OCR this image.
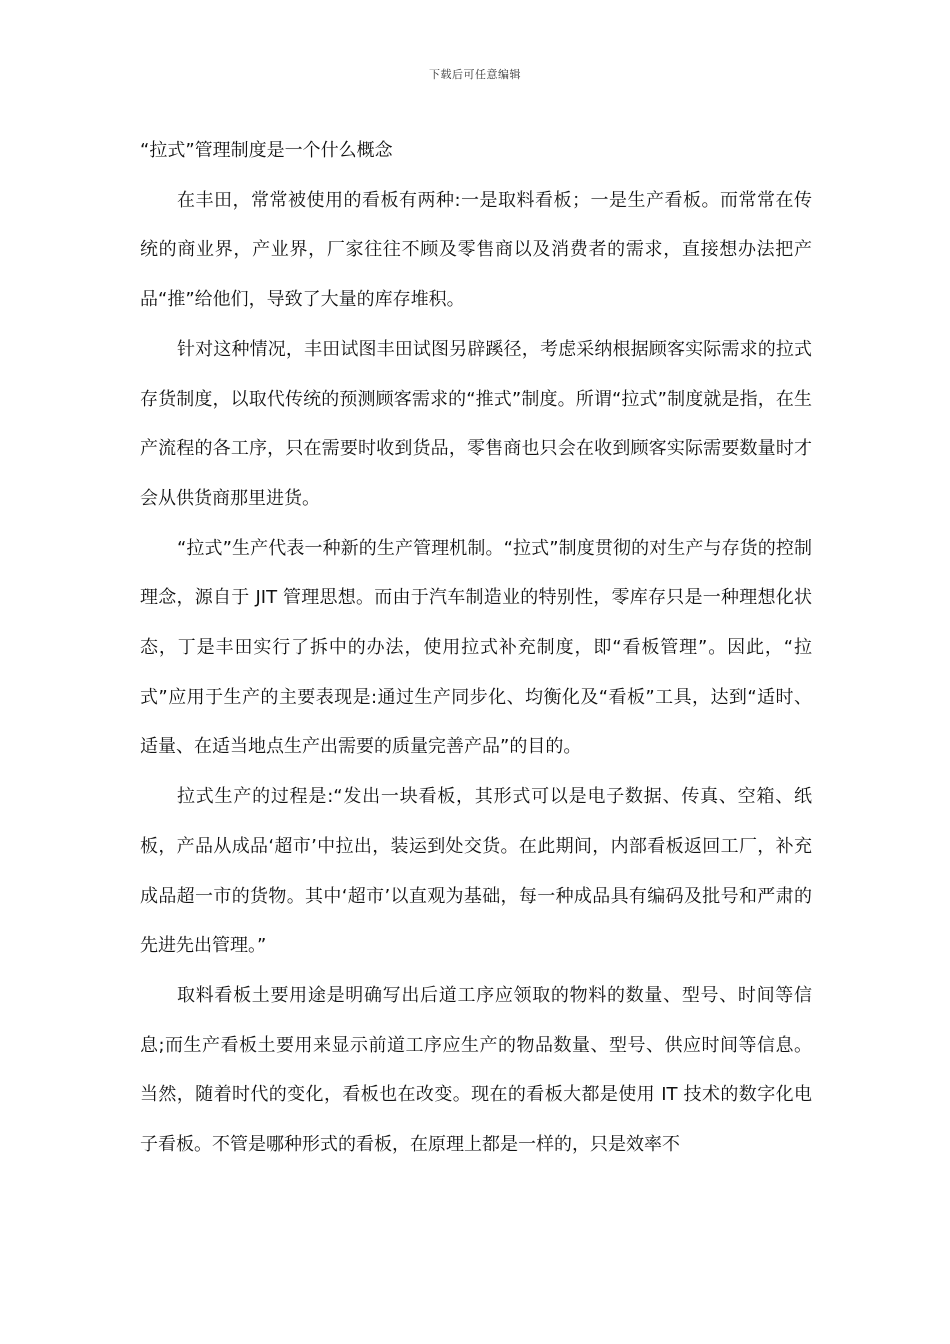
下载后可任意编辑

“拉式”管理制度是一个什么概念

在丰田，常常被使用的看板有两种:一是取料看板；一是生产看板。而常常在传统的商业界，产业界，厂家往往不顾及零售商以及消费者的需求，直接想办法把产品“推”给他们，导致了大量的库存堆积。

针对这种情况，丰田试图丰田试图另辟蹊径，考虑采纳根据顾客实际需求的拉式存货制度，以取代传统的预测顾客需求的“推式”制度。所谓“拉式”制度就是指，在生产流程的各工序，只在需要时收到货品，零售商也只会在收到顾客实际需要数量时才会从供货商那里进货。

“拉式”生产代表一种新的生产管理机制。“拉式”制度贯彻的对生产与存货的控制理念，源自于 JIT 管理思想。而由于汽车制造业的特别性，零库存只是一种理想化状态，丁是丰田实行了拆中的办法，使用拉式补充制度，即“看板管理”。因此，“拉式”应用于生产的主要表现是:通过生产同步化、均衡化及“看板”工具，达到“适时、适量、在适当地点生产出需要的质量完善产品”的目的。

拉式生产的过程是:“发出一块看板，其形式可以是电子数据、传真、空箱、纸板，产品从成品‘超市’中拉出，装运到处交货。在此期间，内部看板返回工厂，补充成品超一市的货物。其中‘超市’以直观为基础，每一种成品具有编码及批号和严肃的先进先出管理。”

取料看板土要用途是明确写出后道工序应领取的物料的数量、型号、时间等信息;而生产看板土要用来显示前道工序应生产的物品数量、型号、供应时间等信息。当然，随着时代的变化，看板也在改变。现在的看板大都是使用 IT 技术的数字化电子看板。不管是哪种形式的看板，在原理上都是一样的，只是效率不
